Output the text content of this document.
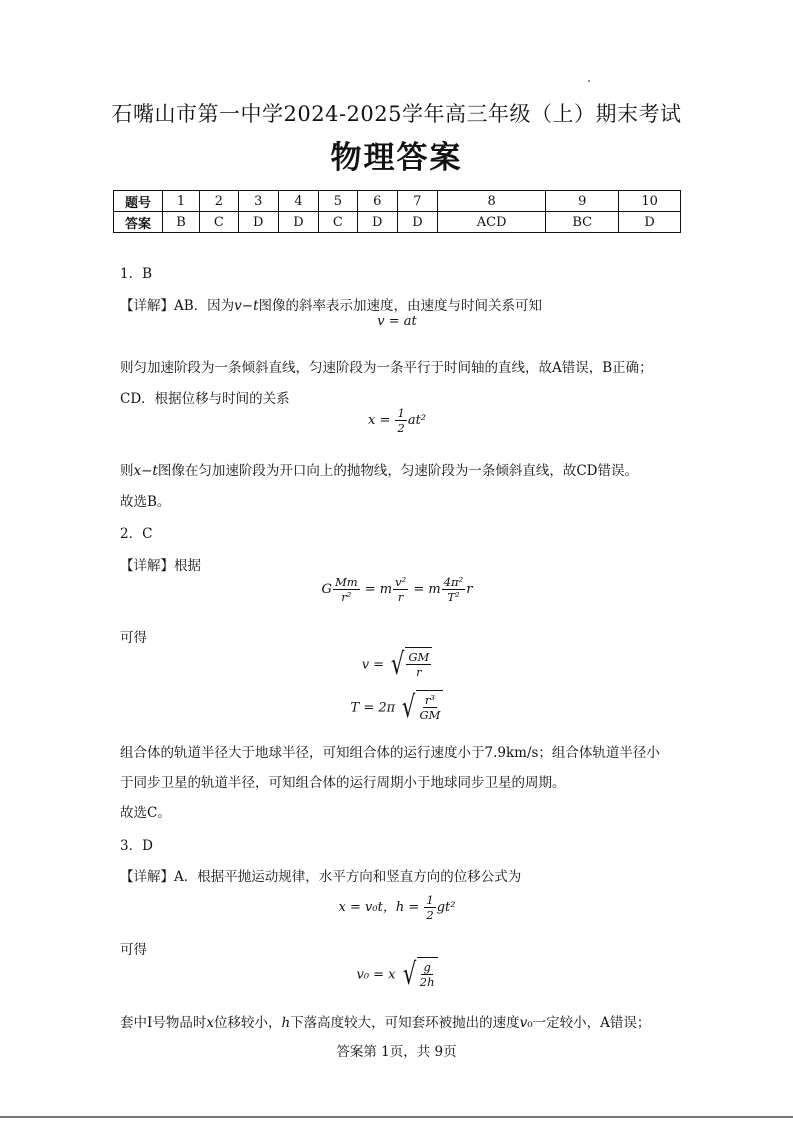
石嘴山市第一中学2024-2025学年高三年级（上）期末考试
物理答案
题号	1	2	3	4	5	6	7	8	9	10
答案	B	C	D	D	C	D	D	ACD	BC	D
1．B
【详解】AB．因为𝑣−𝑡图像的斜率表示加速度，由速度与时间关系可知
v = at
则匀加速阶段为一条倾斜直线，匀速阶段为一条平行于时间轴的直线，故A错误，B正确；
CD．根据位移与时间的关系
$x = \frac{1}{2} at^2$
则𝑥−𝑡图像在匀加速阶段为开口向上的抛物线，匀速阶段为一条倾斜直线，故CD错误。
故选B。
2．C
【详解】根据
G $\frac{Mm}{\text{r²}} = m \frac{\text{v²}}{r} = m \frac{\text{4π²}}{\text{T²}}$ r
可得
v = √ $\frac{GM}{r}$
T = 2π √ $\frac{\text{r³}}{GM}$
组合体的轨道半径大于地球半径，可知组合体的运行速度小于7.9km/s；组合体轨道半径小
于同步卫星的轨道半径，可知组合体的运行周期小于地球同步卫星的周期。
故选C。
3．D
【详解】A．根据平抛运动规律，水平方向和竖直方向的位移公式为
x = v₀t，$h = \frac{1}{2} gt^2$
可得
v₀ = x √ $\frac{g}{2h}$
套中Ⅰ号物品时𝑥位移较小，ℎ下落高度较大，可知套环被抛出的速度𝑣₀一定较小，A错误；
答案第 1页，共 9页
